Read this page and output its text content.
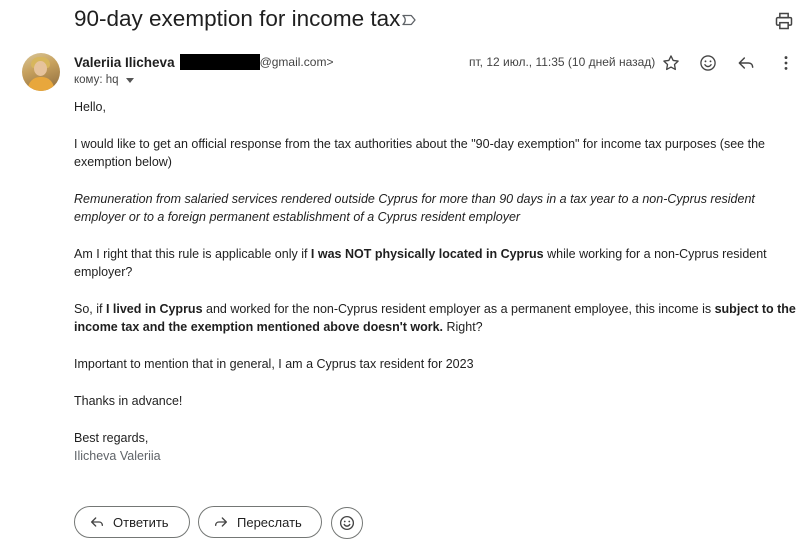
90-day exemption for income tax
Valeriia Ilicheva	@gmail.com>
кому: hq
пт, 12 июл., 11:35 (10 дней назад)

Hello,

I would like to get an official response from the tax authorities about the "90-day exemption" for income tax purposes (see the exemption below)

Remuneration from salaried services rendered outside Cyprus for more than 90 days in a tax year to a non-Cyprus resident employer or to a foreign permanent establishment of a Cyprus resident employer

Am I right that this rule is applicable only if I was NOT physically located in Cyprus while working for a non-Cyprus resident employer?

So, if I lived in Cyprus and worked for the non-Cyprus resident employer as a permanent employee, this income is subject to the income tax and the exemption mentioned above doesn't work. Right?

Important to mention that in general, I am a Cyprus tax resident for 2023

Thanks in advance!

Best regards,

Ilicheva Valeriia

Ответить	Переслать
